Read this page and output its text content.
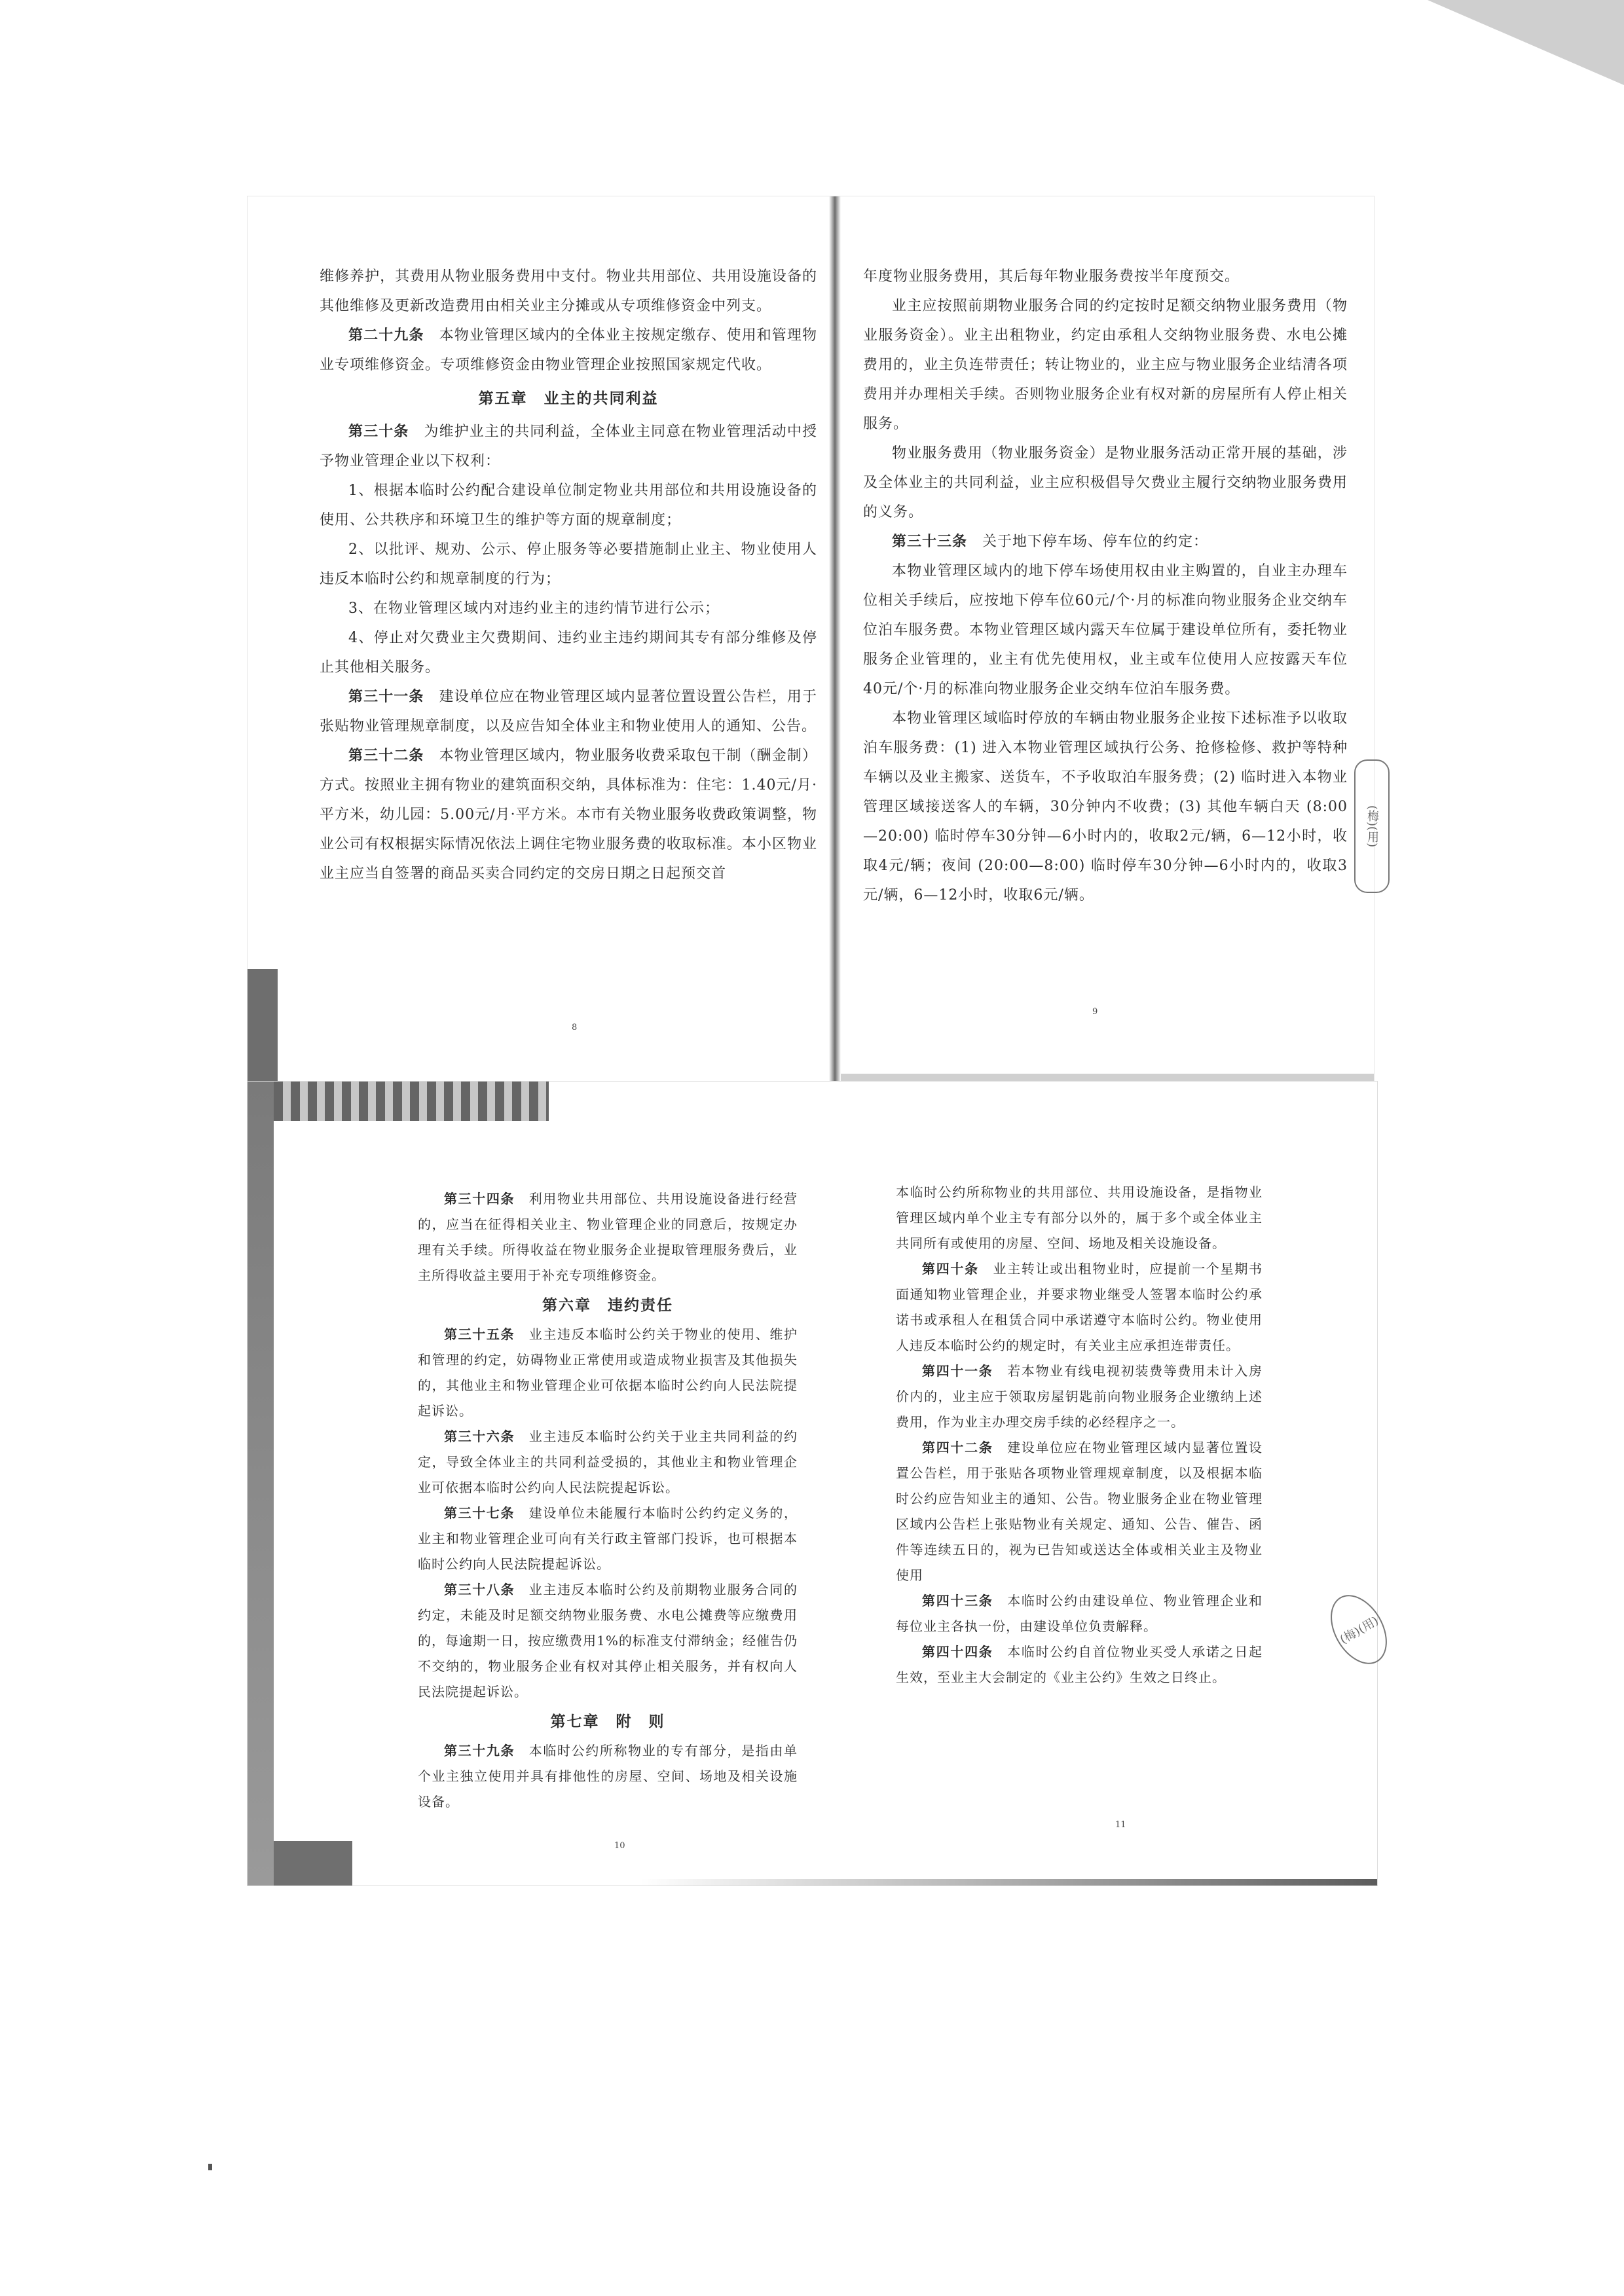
维修养护，其费用从物业服务费用中支付。物业共用部位、共用设施设备的其他维修及更新改造费用由相关业主分摊或从专项维修资金中列支。

第二十九条　 本物业管理区域内的全体业主按规定缴存、使用和管理物业专项维修资金。专项维修资金由物业管理企业按照国家规定代收。

第五章　业主的共同利益

第三十条　 为维护业主的共同利益，全体业主同意在物业管理活动中授予物业管理企业以下权利：

1、根据本临时公约配合建设单位制定物业共用部位和共用设施设备的使用、公共秩序和环境卫生的维护等方面的规章制度；

2、以批评、规劝、公示、停止服务等必要措施制止业主、物业使用人违反本临时公约和规章制度的行为；

3、在物业管理区域内对违约业主的违约情节进行公示；

4、停止对欠费业主欠费期间、违约业主违约期间其专有部分维修及停止其他相关服务。

第三十一条　 建设单位应在物业管理区域内显著位置设置公告栏，用于张贴物业管理规章制度，以及应告知全体业主和物业使用人的通知、公告。

第三十二条　 本物业管理区域内，物业服务收费采取包干制（酬金制）方式。按照业主拥有物业的建筑面积交纳，具体标准为：住宅：1.40元/月·平方米，幼儿园：5.00元/月·平方米。本市有关物业服务收费政策调整，物业公司有权根据实际情况依法上调住宅物业服务费的收取标准。本小区物业业主应当自签署的商品买卖合同约定的交房日期之日起预交首

年度物业服务费用，其后每年物业服务费按半年度预交。

业主应按照前期物业服务合同的约定按时足额交纳物业服务费用（物业服务资金）。业主出租物业，约定由承租人交纳物业服务费、水电公摊费用的，业主负连带责任；转让物业的，业主应与物业服务企业结清各项费用并办理相关手续。否则物业服务企业有权对新的房屋所有人停止相关服务。

物业服务费用（物业服务资金）是物业服务活动正常开展的基础，涉及全体业主的共同利益，业主应积极倡导欠费业主履行交纳物业服务费用的义务。

第三十三条　 关于地下停车场、停车位的约定：

本物业管理区域内的地下停车场使用权由业主购置的，自业主办理车位相关手续后，应按地下停车位60元/个·月的标准向物业服务企业交纳车位泊车服务费。本物业管理区域内露天车位属于建设单位所有，委托物业服务企业管理的，业主有优先使用权，业主或车位使用人应按露天车位40元/个·月的标准向物业服务企业交纳车位泊车服务费。

本物业管理区域临时停放的车辆由物业服务企业按下述标准予以收取泊车服务费：(1) 进入本物业管理区域执行公务、抢修检修、救护等特种车辆以及业主搬家、送货车，不予收取泊车服务费；(2) 临时进入本物业管理区域接送客人的车辆，30分钟内不收费；(3) 其他车辆白天 (8:00—20:00) 临时停车30分钟—6小时内的，收取2元/辆，6—12小时，收取4元/辆；夜间 (20:00—8:00) 临时停车30分钟—6小时内的，收取3元/辆，6—12小时，收取6元/辆。

8
9
(梅)(用)

第三十四条　 利用物业共用部位、共用设施设备进行经营的，应当在征得相关业主、物业管理企业的同意后，按规定办理有关手续。所得收益在物业服务企业提取管理服务费后，业主所得收益主要用于补充专项维修资金。

第六章　违约责任

第三十五条　 业主违反本临时公约关于物业的使用、维护和管理的约定，妨碍物业正常使用或造成物业损害及其他损失的，其他业主和物业管理企业可依据本临时公约向人民法院提起诉讼。

第三十六条　 业主违反本临时公约关于业主共同利益的约定，导致全体业主的共同利益受损的，其他业主和物业管理企业可依据本临时公约向人民法院提起诉讼。

第三十七条　 建设单位未能履行本临时公约约定义务的，业主和物业管理企业可向有关行政主管部门投诉，也可根据本临时公约向人民法院提起诉讼。

第三十八条　 业主违反本临时公约及前期物业服务合同的约定，未能及时足额交纳物业服务费、水电公摊费等应缴费用的，每逾期一日，按应缴费用1%的标准支付滞纳金；经催告仍不交纳的，物业服务企业有权对其停止相关服务，并有权向人民法院提起诉讼。

第七章　附　则

第三十九条　 本临时公约所称物业的专有部分，是指由单个业主独立使用并具有排他性的房屋、空间、场地及相关设施设备。

本临时公约所称物业的共用部位、共用设施设备，是指物业管理区域内单个业主专有部分以外的，属于多个或全体业主共同所有或使用的房屋、空间、场地及相关设施设备。

第四十条　 业主转让或出租物业时，应提前一个星期书面通知物业管理企业，并要求物业继受人签署本临时公约承诺书或承租人在租赁合同中承诺遵守本临时公约。物业使用人违反本临时公约的规定时，有关业主应承担连带责任。

第四十一条　 若本物业有线电视初装费等费用未计入房价内的，业主应于领取房屋钥匙前向物业服务企业缴纳上述费用，作为业主办理交房手续的必经程序之一。

第四十二条　 建设单位应在物业管理区域内显著位置设置公告栏，用于张贴各项物业管理规章制度，以及根据本临时公约应告知业主的通知、公告。物业服务企业在物业管理区域内公告栏上张贴物业有关规定、通知、公告、催告、函件等连续五日的，视为已告知或送达全体或相关业主及物业使用

第四十三条　 本临时公约由建设单位、物业管理企业和每位业主各执一份，由建设单位负责解释。

第四十四条　 本临时公约自首位物业买受人承诺之日起生效，至业主大会制定的《业主公约》生效之日终止。

10
11
(梅)(用)
